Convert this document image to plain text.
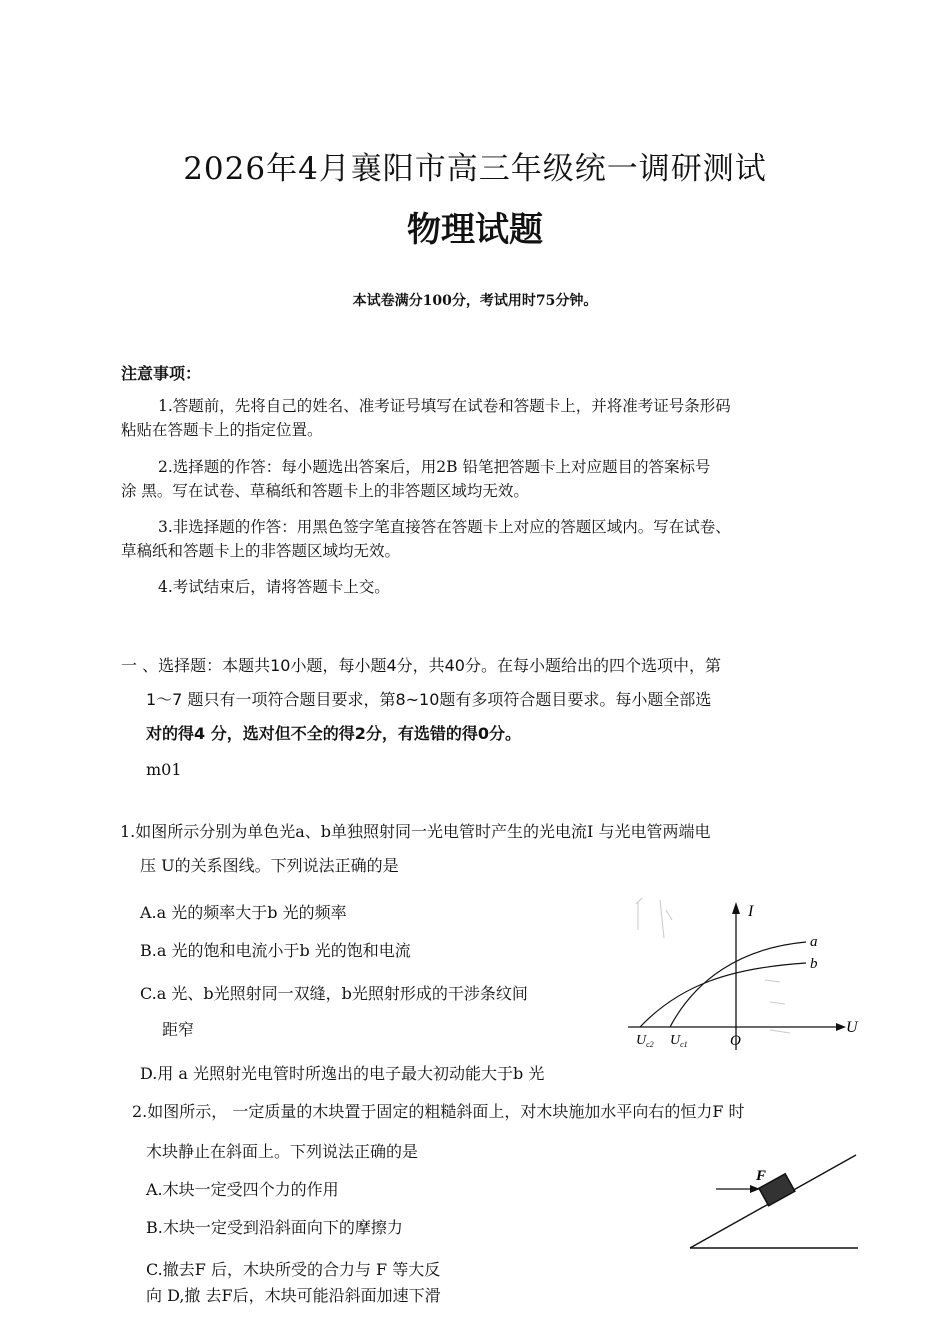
2026年4月襄阳市高三年级统一调研测试
物理试题
本试卷满分100分，考试用时75分钟。
注意事项：
1.答题前，先将自己的姓名、准考证号填写在试卷和答题卡上，并将准考证号条形码
粘贴在答题卡上的指定位置。
2.选择题的作答：每小题选出答案后，用2B 铅笔把答题卡上对应题目的答案标号
涂 黑。写在试卷、草稿纸和答题卡上的非答题区域均无效。
3.非选择题的作答：用黑色签字笔直接答在答题卡上对应的答题区域内。写在试卷、
草稿纸和答题卡上的非答题区域均无效。
4.考试结束后，请将答题卡上交。
一 、选择题：本题共10小题，每小题4分，共40分。在每小题给出的四个选项中，第
1～7 题只有一项符合题目要求，第8~10题有多项符合题目要求。每小题全部选
对的得4 分，选对但不全的得2分，有选错的得0分。
m01
1.如图所示分别为单色光a、b单独照射同一光电管时产生的光电流Ⅰ 与光电管两端电
压 U的关系图线。下列说法正确的是
A.a 光的频率大于b 光的频率
B.a 光的饱和电流小于b 光的饱和电流
C.a 光、b光照射同一双缝，b光照射形成的干涉条纹间
距窄
D.用 a 光照射光电管时所逸出的电子最大初动能大于b 光
I
U
O
a
b
$U_{c2}$ $U_{c1}$
2.如图所示， 一定质量的木块置于固定的粗糙斜面上，对木块施加水平向右的恒力F 时
木块静止在斜面上。下列说法正确的是
A.木块一定受四个力的作用
B.木块一定受到沿斜面向下的摩擦力
C.撤去F 后，木块所受的合力与 F 等大反
向 D,撤 去F后，木块可能沿斜面加速下滑
F
